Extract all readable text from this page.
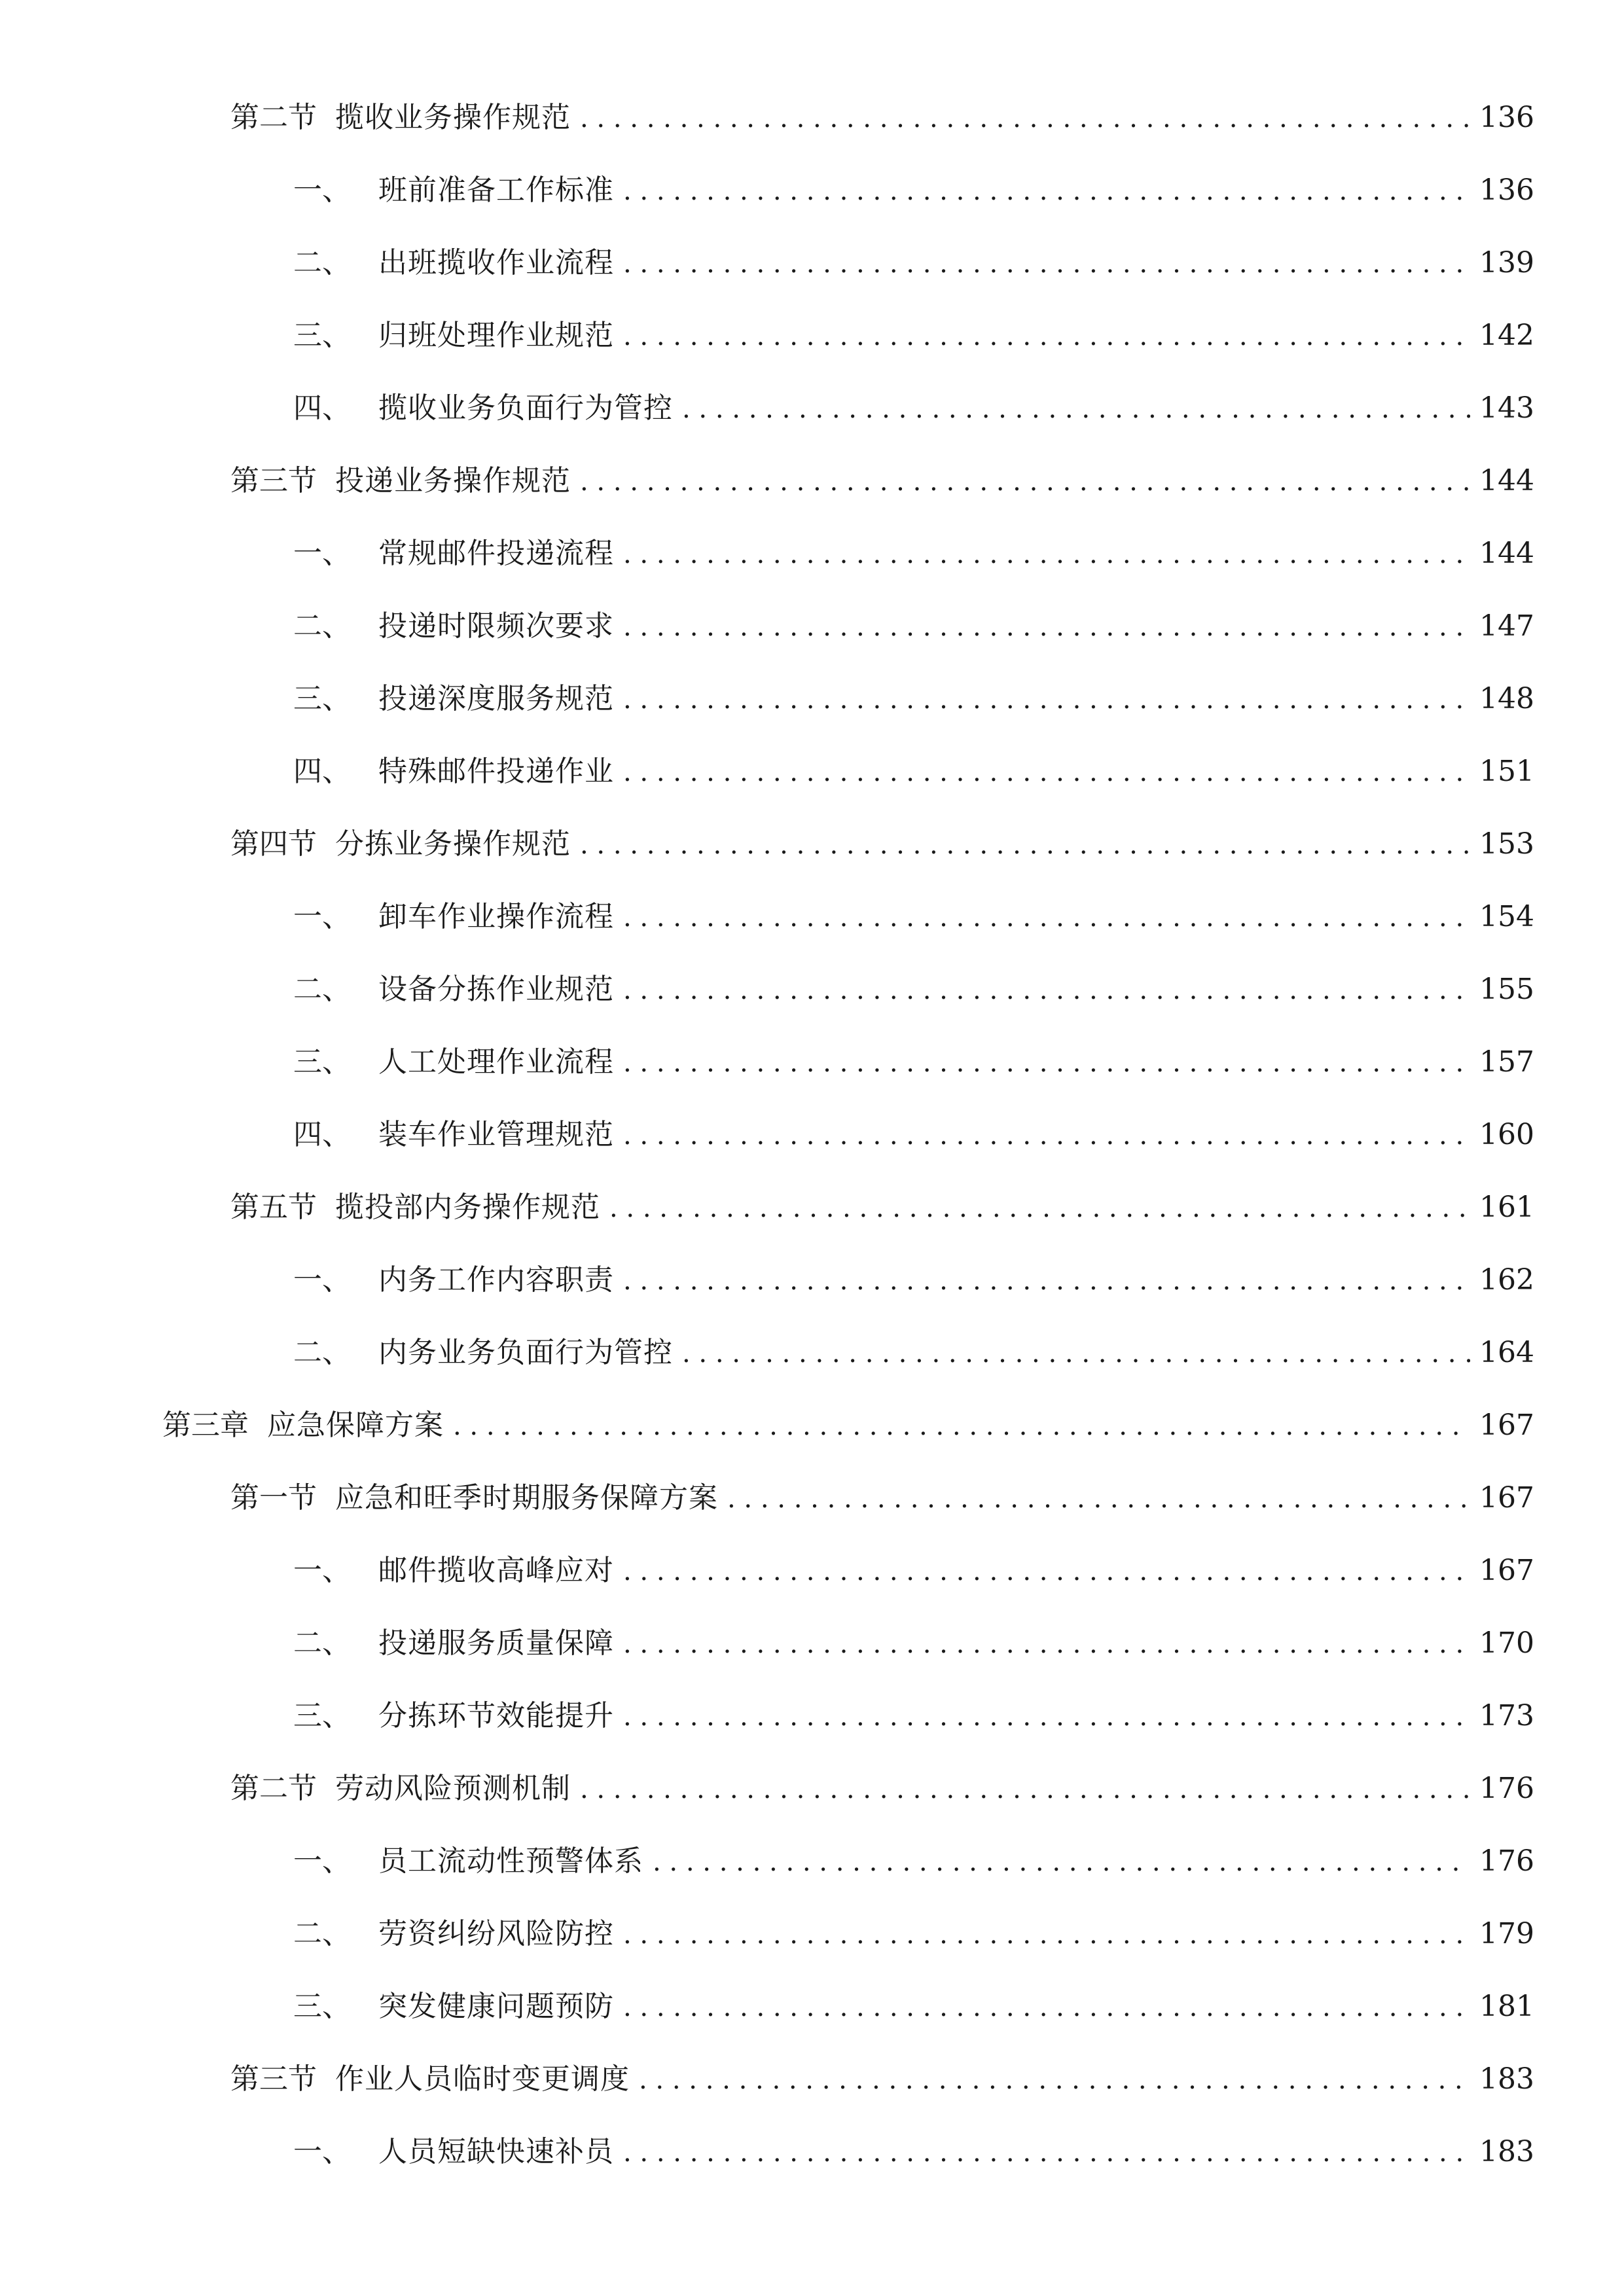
第二节 揽收业务操作规范 . . .	136
一、 班前准备工作标准 . . .	136
二、 出班揽收作业流程 . . .	139
三、 归班处理作业规范 . . .	142
四、 揽收业务负面行为管控 . . .	143
第三节 投递业务操作规范 . . .	144
一、 常规邮件投递流程 . . .	144
二、 投递时限频次要求 . . .	147
三、 投递深度服务规范 . . .	148
四、 特殊邮件投递作业 . . .	151
第四节 分拣业务操作规范 . . .	153
一、 卸车作业操作流程 . . .	154
二、 设备分拣作业规范 . . .	155
三、 人工处理作业流程 . . .	157
四、 装车作业管理规范 . . .	160
第五节 揽投部内务操作规范 . . .	161
一、 内务工作内容职责 . . .	162
二、 内务业务负面行为管控 . . .	164
第三章 应急保障方案 . . .	167
第一节 应急和旺季时期服务保障方案 . . .	167
一、 邮件揽收高峰应对 . . .	167
二、 投递服务质量保障 . . .	170
三、 分拣环节效能提升 . . .	173
第二节 劳动风险预测机制 . . .	176
一、 员工流动性预警体系 . . .	176
二、 劳资纠纷风险防控 . . .	179
三、 突发健康问题预防 . . .	181
第三节 作业人员临时变更调度 . . .	183
一、 人员短缺快速补员 . . .	183
